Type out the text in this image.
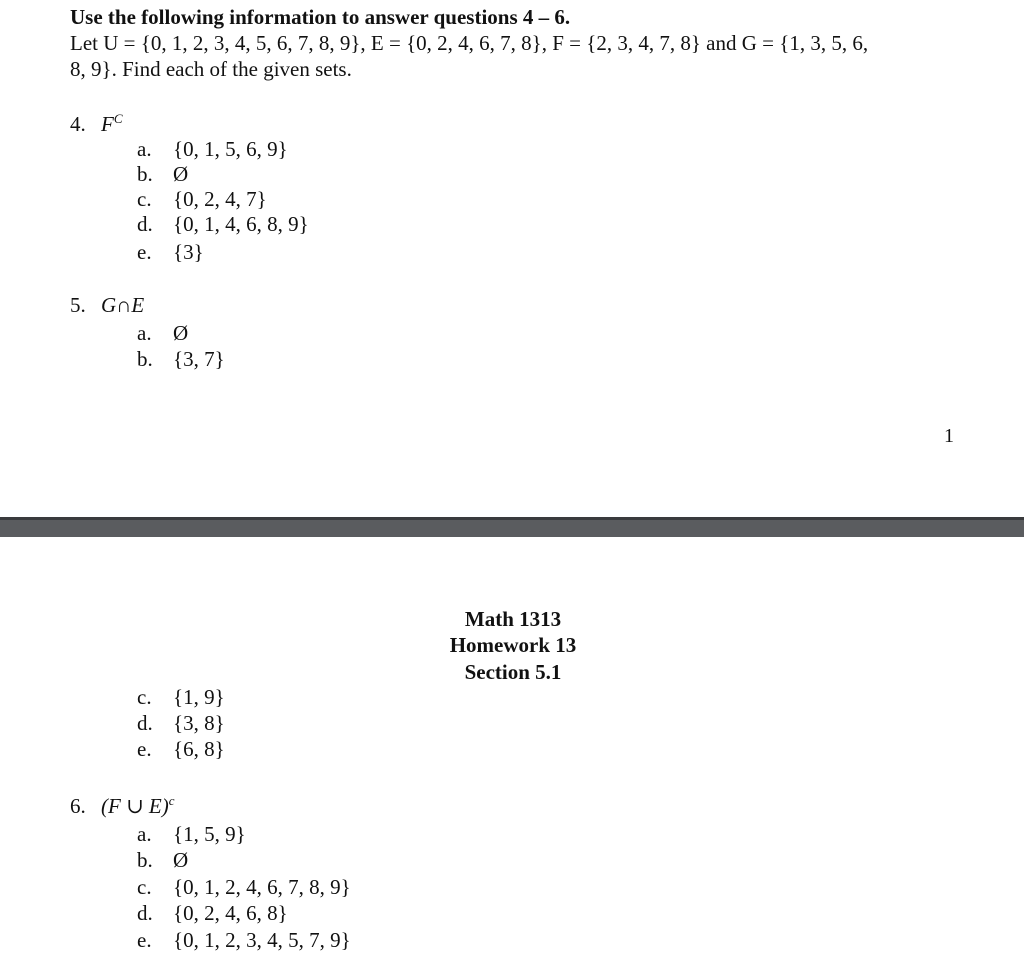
Use the following information to answer questions 4 – 6.
Let U = {0, 1, 2, 3, 4, 5, 6, 7, 8, 9}, E = {0, 2, 4, 6, 7, 8}, F = {2, 3, 4, 7, 8} and G = {1, 3, 5, 6,
8, 9}. Find each of the given sets.
4. $F^C$
a. {0, 1, 5, 6, 9}
b. Ø
c. {0, 2, 4, 7}
d. {0, 1, 4, 6, 8, 9}
e. {3}
5. G∩E
a. Ø
b. {3, 7}
1
Math 1313
Homework 13
Section 5.1
c. {1, 9}
d. {3, 8}
e. {6, 8}
6. (F ∪ E)$^c$
a. {1, 5, 9}
b. Ø
c. {0, 1, 2, 4, 6, 7, 8, 9}
d. {0, 2, 4, 6, 8}
e. {0, 1, 2, 3, 4, 5, 7, 9}
